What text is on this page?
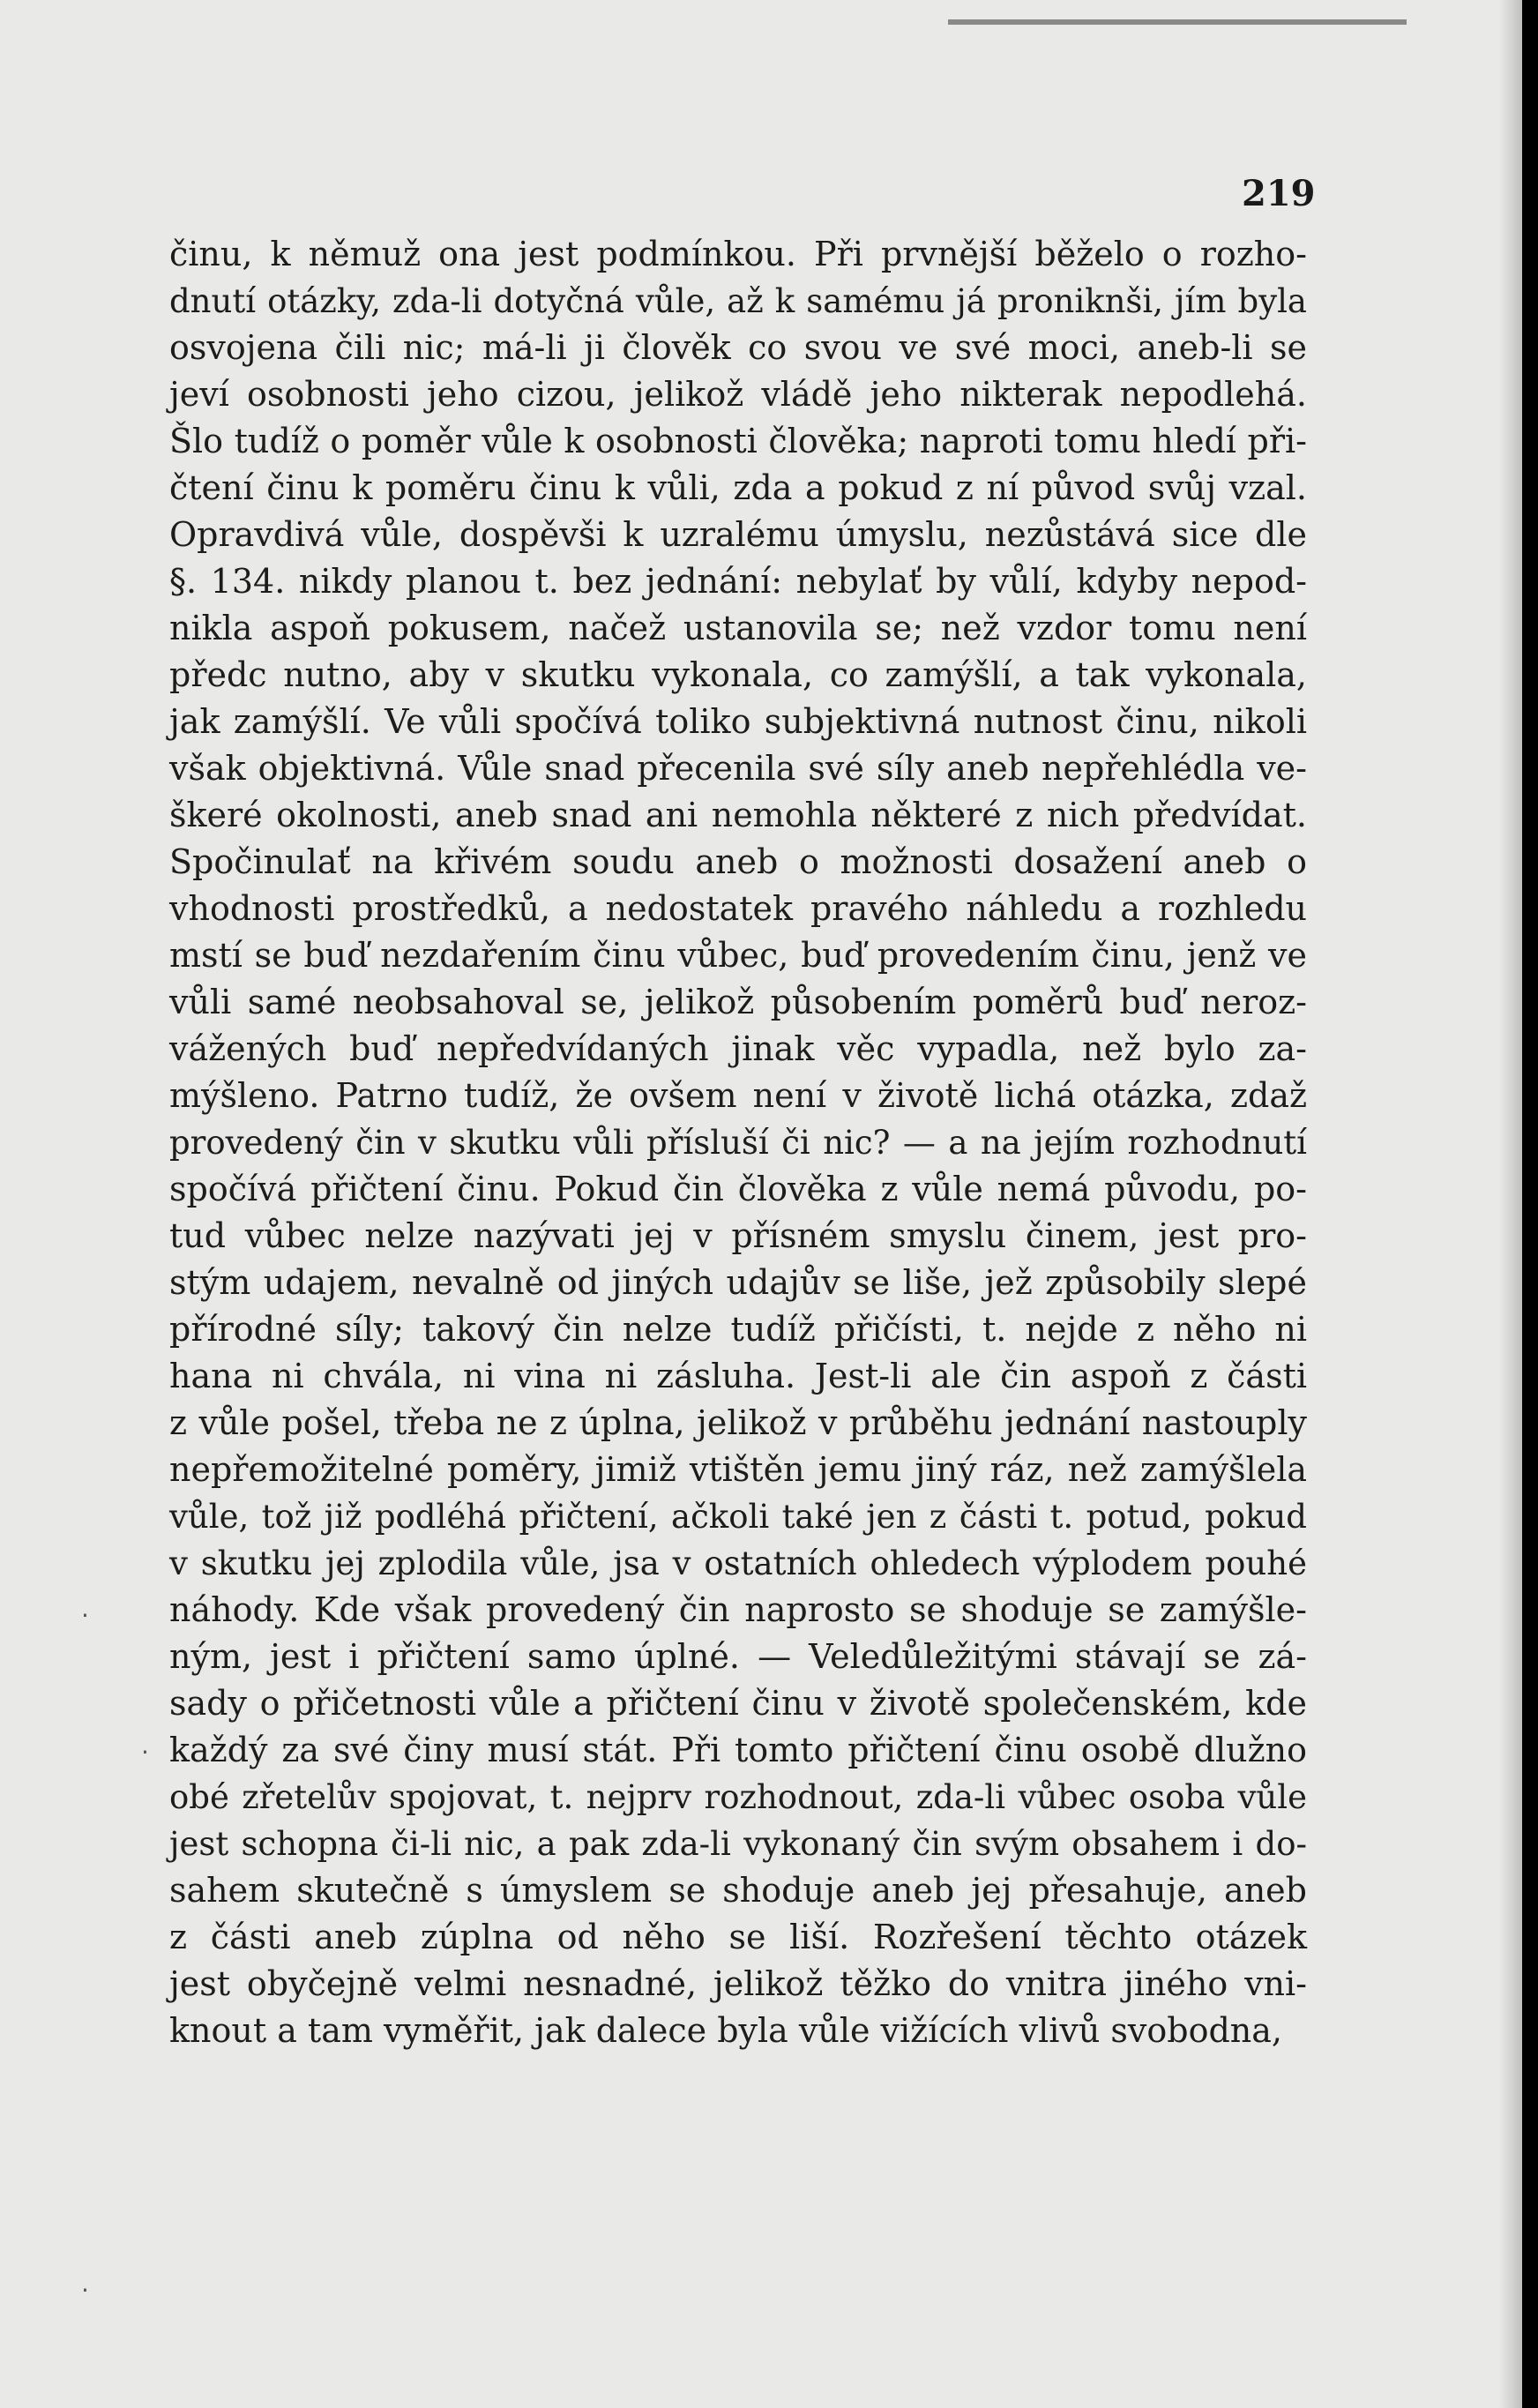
219
činu, k němuž ona jest podmínkou. Při prvnější běželo o rozho-
dnutí otázky, zda-li dotyčná vůle, až k samému já proniknši, jím byla
osvojena čili nic; má-li ji člověk co svou ve své moci, aneb-li se
jeví osobnosti jeho cizou, jelikož vládě jeho nikterak nepodlehá.
Šlo tudíž o poměr vůle k osobnosti člověka; naproti tomu hledí při-
čtení činu k poměru činu k vůli, zda a pokud z ní původ svůj vzal.
Opravdivá vůle, dospěvši k uzralému úmyslu, nezůstává sice dle
§. 134. nikdy planou t. bez jednání: nebylať by vůlí, kdyby nepod-
nikla aspoň pokusem, načež ustanovila se; než vzdor tomu není
předc nutno, aby v skutku vykonala, co zamýšlí, a tak vykonala,
jak zamýšlí. Ve vůli spočívá toliko subjektivná nutnost činu, nikoli
však objektivná. Vůle snad přecenila své síly aneb nepřehlédla ve-
škeré okolnosti, aneb snad ani nemohla některé z nich předvídat.
Spočinulať na křivém soudu aneb o možnosti dosažení aneb o
vhodnosti prostředků, a nedostatek pravého náhledu a rozhledu
mstí se buď nezdařením činu vůbec, buď provedením činu, jenž ve
vůli samé neobsahoval se, jelikož působením poměrů buď neroz-
vážených buď nepředvídaných jinak věc vypadla, než bylo za-
mýšleno. Patrno tudíž, že ovšem není v životě lichá otázka, zdaž
provedený čin v skutku vůli přísluší či nic? — a na jejím rozhodnutí
spočívá přičtení činu. Pokud čin člověka z vůle nemá původu, po-
tud vůbec nelze nazývati jej v přísném smyslu činem, jest pro-
stým udajem, nevalně od jiných udajův se liše, jež způsobily slepé
přírodné síly; takový čin nelze tudíž přičísti, t. nejde z něho ni
hana ni chvála, ni vina ni zásluha. Jest-li ale čin aspoň z části
z vůle pošel, třeba ne z úplna, jelikož v průběhu jednání nastouply
nepřemožitelné poměry, jimiž vtištěn jemu jiný ráz, než zamýšlela
vůle, tož již podléhá přičtení, ačkoli také jen z části t. potud, pokud
v skutku jej zplodila vůle, jsa v ostatních ohledech výplodem pouhé
náhody. Kde však provedený čin naprosto se shoduje se zamýšle-
ným, jest i přičtení samo úplné. — Veledůležitými stávají se zá-
sady o přičetnosti vůle a přičtení činu v životě společenském, kde
každý za své činy musí stát. Při tomto přičtení činu osobě dlužno
obé zřetelův spojovat, t. nejprv rozhodnout, zda-li vůbec osoba vůle
jest schopna či-li nic, a pak zda-li vykonaný čin svým obsahem i do-
sahem skutečně s úmyslem se shoduje aneb jej přesahuje, aneb
z části aneb zúplna od něho se liší. Rozřešení těchto otázek
jest obyčejně velmi nesnadné, jelikož těžko do vnitra jiného vni-
knout a tam vyměřit, jak dalece byla vůle vižících vlivů svobodna,
·
·
·
